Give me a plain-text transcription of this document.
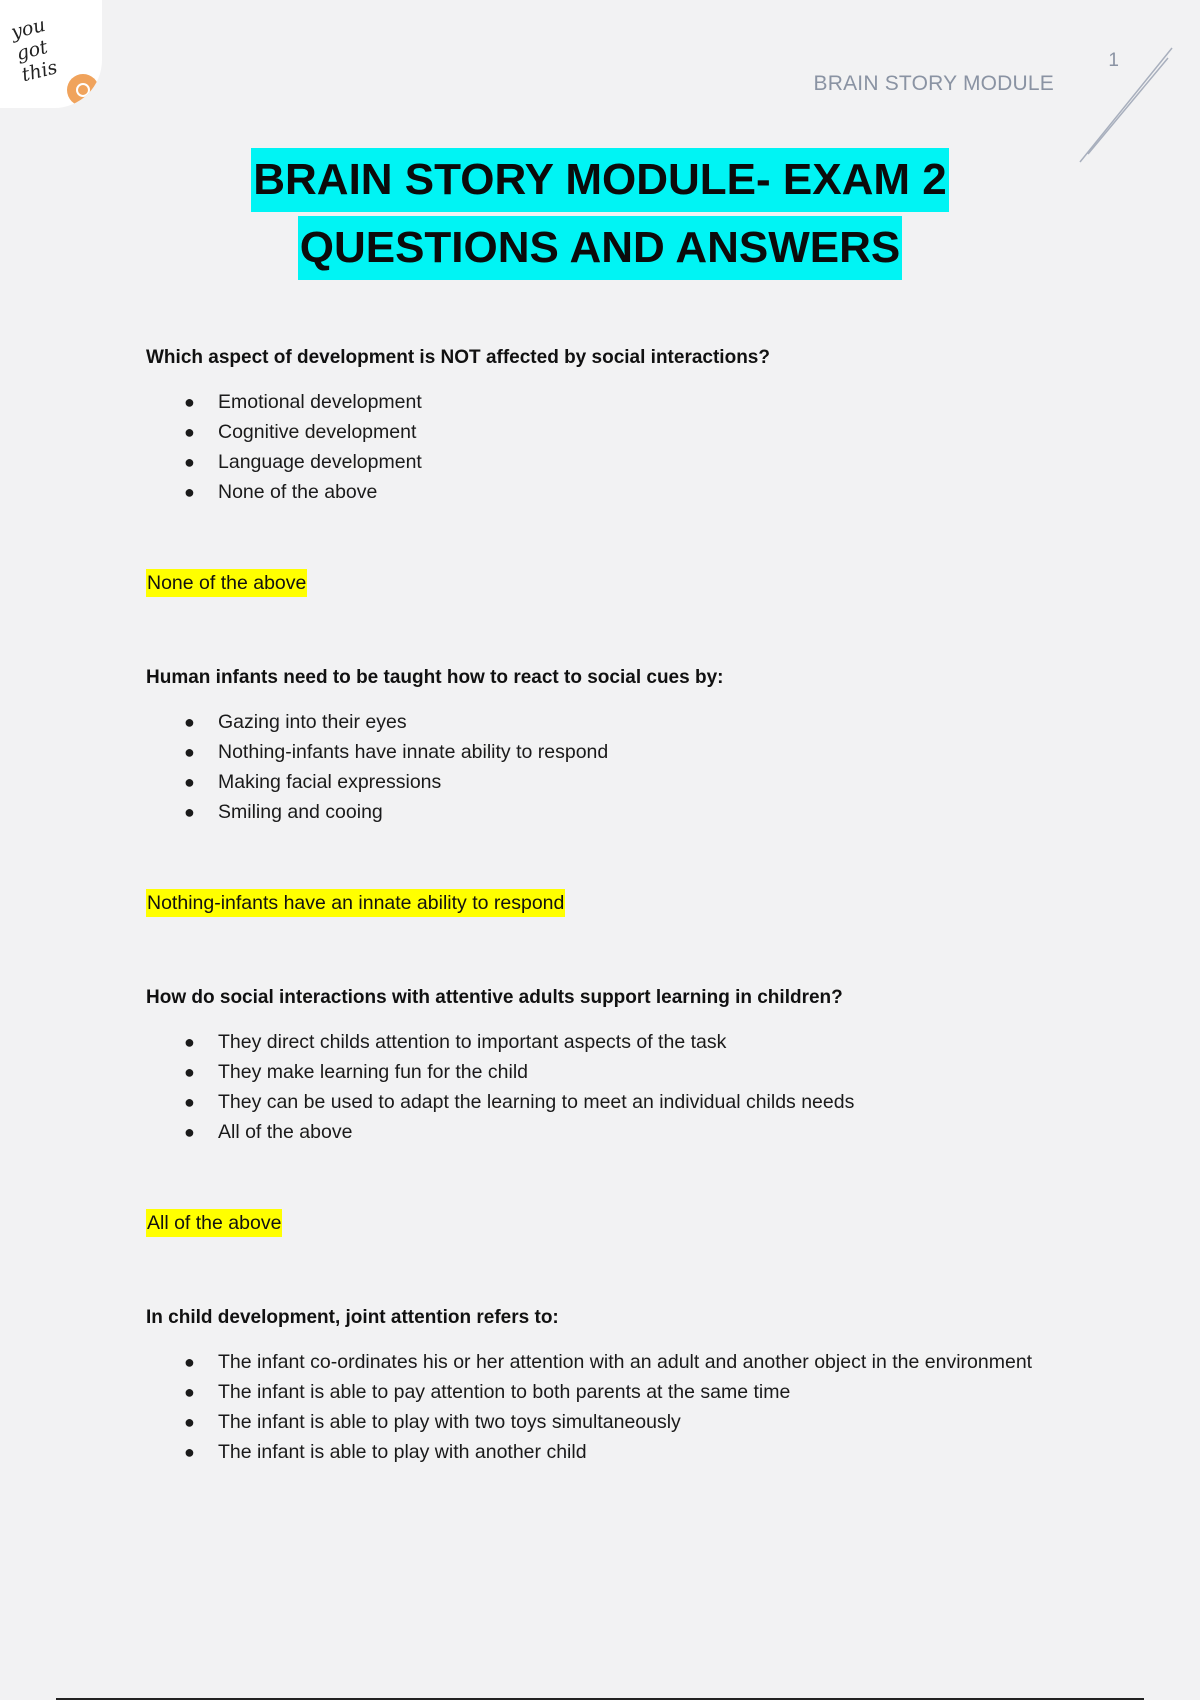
you got this	1
BRAIN STORY MODULE
BRAIN STORY MODULE- EXAM 2
QUESTIONS AND ANSWERS

Which aspect of development is NOT affected by social interactions?

● Emotional development
● Cognitive development
● Language development
● None of the above
None of the above

Human infants need to be taught how to react to social cues by:

● Gazing into their eyes
● Nothing-infants have innate ability to respond
● Making facial expressions
● Smiling and cooing
Nothing-infants have an innate ability to respond

How do social interactions with attentive adults support learning in children?

● They direct childs attention to important aspects of the task
● They make learning fun for the child
● They can be used to adapt the learning to meet an individual childs needs
● All of the above
All of the above

In child development, joint attention refers to:

● The infant co-ordinates his or her attention with an adult and another object in the environment
● The infant is able to pay attention to both parents at the same time
● The infant is able to play with two toys simultaneously
● The infant is able to play with another child
